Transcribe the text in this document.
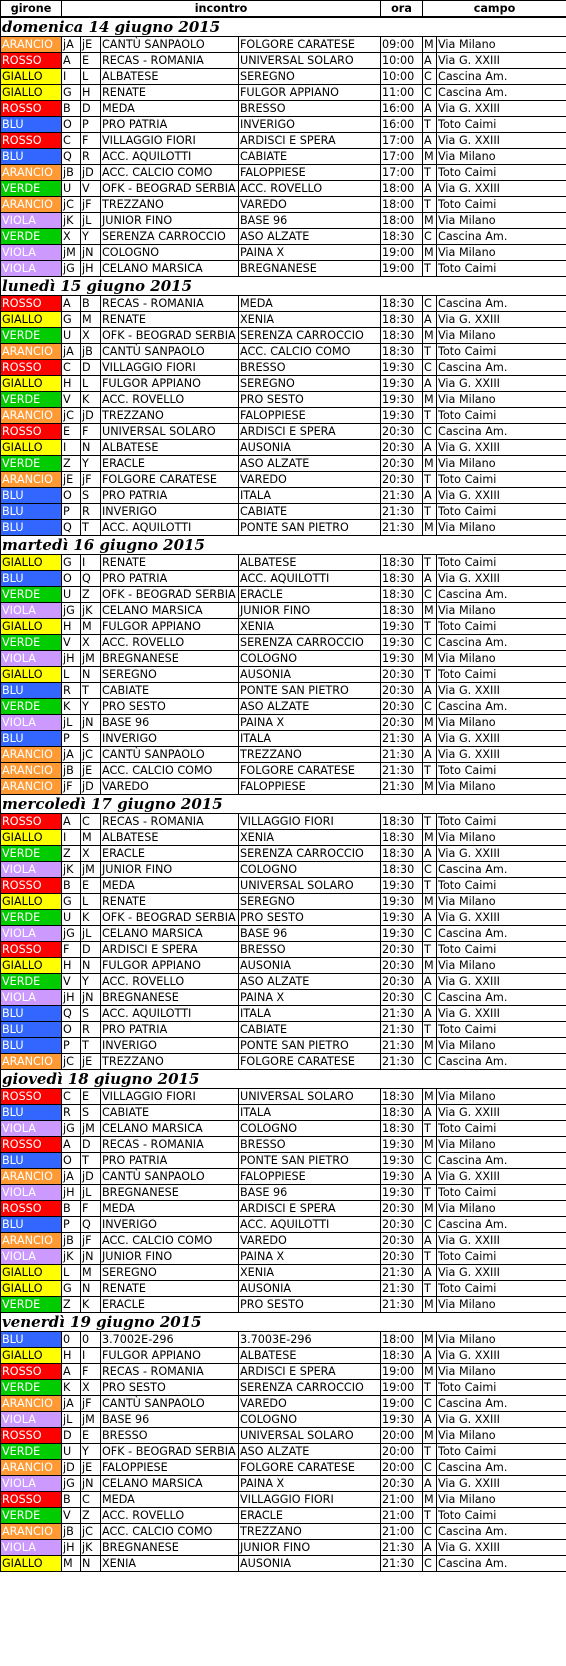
girone	incontro				ora	campo	
domenica 14 giugno 2015							
ARANCIO	jA	jE	CANTÙ SANPAOLO	FOLGORE CARATESE	09:00	M	Via Milano
ROSSO	A	E	RECAS - ROMANIA	UNIVERSAL SOLARO	10:00	A	Via G. XXIII
GIALLO	I	L	ALBATESE	SEREGNO	10:00	C	Cascina Am.
GIALLO	G	H	RENATE	FULGOR APPIANO	11:00	C	Cascina Am.
ROSSO	B	D	MEDA	BRESSO	16:00	A	Via G. XXIII
BLU	O	P	PRO PATRIA	INVERIGO	16:00	T	Toto Caimi
ROSSO	C	F	VILLAGGIO FIORI	ARDISCI E SPERA	17:00	A	Via G. XXIII
BLU	Q	R	ACC. AQUILOTTI	CABIATE	17:00	M	Via Milano
ARANCIO	jB	jD	ACC. CALCIO COMO	FALOPPIESE	17:00	T	Toto Caimi
VERDE	U	V	OFK - BEOGRAD SERBIA	ACC. ROVELLO	18:00	A	Via G. XXIII
ARANCIO	jC	jF	TREZZANO	VAREDO	18:00	T	Toto Caimi
VIOLA	jK	jL	JUNIOR FINO	BASE 96	18:00	M	Via Milano
VERDE	X	Y	SERENZA CARROCCIO	ASO ALZATE	18:30	C	Cascina Am.
VIOLA	jM	jN	COLOGNO	PAINA X	19:00	M	Via Milano
VIOLA	jG	jH	CELANO MARSICA	BREGNANESE	19:00	T	Toto Caimi
lunedì 15 giugno 2015							
ROSSO	A	B	RECAS - ROMANIA	MEDA	18:30	C	Cascina Am.
GIALLO	G	M	RENATE	XENIA	18:30	A	Via G. XXIII
VERDE	U	X	OFK - BEOGRAD SERBIA	SERENZA CARROCCIO	18:30	M	Via Milano
ARANCIO	jA	jB	CANTÙ SANPAOLO	ACC. CALCIO COMO	18:30	T	Toto Caimi
ROSSO	C	D	VILLAGGIO FIORI	BRESSO	19:30	C	Cascina Am.
GIALLO	H	L	FULGOR APPIANO	SEREGNO	19:30	A	Via G. XXIII
VERDE	V	K	ACC. ROVELLO	PRO SESTO	19:30	M	Via Milano
ARANCIO	jC	jD	TREZZANO	FALOPPIESE	19:30	T	Toto Caimi
ROSSO	E	F	UNIVERSAL SOLARO	ARDISCI E SPERA	20:30	C	Cascina Am.
GIALLO	I	N	ALBATESE	AUSONIA	20:30	A	Via G. XXIII
VERDE	Z	Y	ERACLE	ASO ALZATE	20:30	M	Via Milano
ARANCIO	jE	jF	FOLGORE CARATESE	VAREDO	20:30	T	Toto Caimi
BLU	O	S	PRO PATRIA	ITALA	21:30	A	Via G. XXIII
BLU	P	R	INVERIGO	CABIATE	21:30	T	Toto Caimi
BLU	Q	T	ACC. AQUILOTTI	PONTE SAN PIETRO	21:30	M	Via Milano
martedì 16 giugno 2015							
GIALLO	G	I	RENATE	ALBATESE	18:30	T	Toto Caimi
BLU	O	Q	PRO PATRIA	ACC. AQUILOTTI	18:30	A	Via G. XXIII
VERDE	U	Z	OFK - BEOGRAD SERBIA	ERACLE	18:30	C	Cascina Am.
VIOLA	jG	jK	CELANO MARSICA	JUNIOR FINO	18:30	M	Via Milano
GIALLO	H	M	FULGOR APPIANO	XENIA	19:30	T	Toto Caimi
VERDE	V	X	ACC. ROVELLO	SERENZA CARROCCIO	19:30	C	Cascina Am.
VIOLA	jH	jM	BREGNANESE	COLOGNO	19:30	M	Via Milano
GIALLO	L	N	SEREGNO	AUSONIA	20:30	T	Toto Caimi
BLU	R	T	CABIATE	PONTE SAN PIETRO	20:30	A	Via G. XXIII
VERDE	K	Y	PRO SESTO	ASO ALZATE	20:30	C	Cascina Am.
VIOLA	jL	jN	BASE 96	PAINA X	20:30	M	Via Milano
BLU	P	S	INVERIGO	ITALA	21:30	A	Via G. XXIII
ARANCIO	jA	jC	CANTÙ SANPAOLO	TREZZANO	21:30	A	Via G. XXIII
ARANCIO	jB	jE	ACC. CALCIO COMO	FOLGORE CARATESE	21:30	T	Toto Caimi
ARANCIO	jF	jD	VAREDO	FALOPPIESE	21:30	M	Via Milano
mercoledì 17 giugno 2015							
ROSSO	A	C	RECAS - ROMANIA	VILLAGGIO FIORI	18:30	T	Toto Caimi
GIALLO	I	M	ALBATESE	XENIA	18:30	M	Via Milano
VERDE	Z	X	ERACLE	SERENZA CARROCCIO	18:30	A	Via G. XXIII
VIOLA	jK	jM	JUNIOR FINO	COLOGNO	18:30	C	Cascina Am.
ROSSO	B	E	MEDA	UNIVERSAL SOLARO	19:30	T	Toto Caimi
GIALLO	G	L	RENATE	SEREGNO	19:30	M	Via Milano
VERDE	U	K	OFK - BEOGRAD SERBIA	PRO SESTO	19:30	A	Via G. XXIII
VIOLA	jG	jL	CELANO MARSICA	BASE 96	19:30	C	Cascina Am.
ROSSO	F	D	ARDISCI E SPERA	BRESSO	20:30	T	Toto Caimi
GIALLO	H	N	FULGOR APPIANO	AUSONIA	20:30	M	Via Milano
VERDE	V	Y	ACC. ROVELLO	ASO ALZATE	20:30	A	Via G. XXIII
VIOLA	jH	jN	BREGNANESE	PAINA X	20:30	C	Cascina Am.
BLU	Q	S	ACC. AQUILOTTI	ITALA	21:30	A	Via G. XXIII
BLU	O	R	PRO PATRIA	CABIATE	21:30	T	Toto Caimi
BLU	P	T	INVERIGO	PONTE SAN PIETRO	21:30	M	Via Milano
ARANCIO	jC	jE	TREZZANO	FOLGORE CARATESE	21:30	C	Cascina Am.
giovedì 18 giugno 2015							
ROSSO	C	E	VILLAGGIO FIORI	UNIVERSAL SOLARO	18:30	M	Via Milano
BLU	R	S	CABIATE	ITALA	18:30	A	Via G. XXIII
VIOLA	jG	jM	CELANO MARSICA	COLOGNO	18:30	T	Toto Caimi
ROSSO	A	D	RECAS - ROMANIA	BRESSO	19:30	M	Via Milano
BLU	O	T	PRO PATRIA	PONTE SAN PIETRO	19:30	C	Cascina Am.
ARANCIO	jA	jD	CANTÙ SANPAOLO	FALOPPIESE	19:30	A	Via G. XXIII
VIOLA	jH	jL	BREGNANESE	BASE 96	19:30	T	Toto Caimi
ROSSO	B	F	MEDA	ARDISCI E SPERA	20:30	M	Via Milano
BLU	P	Q	INVERIGO	ACC. AQUILOTTI	20:30	C	Cascina Am.
ARANCIO	jB	jF	ACC. CALCIO COMO	VAREDO	20:30	A	Via G. XXIII
VIOLA	jK	jN	JUNIOR FINO	PAINA X	20:30	T	Toto Caimi
GIALLO	L	M	SEREGNO	XENIA	21:30	A	Via G. XXIII
GIALLO	G	N	RENATE	AUSONIA	21:30	T	Toto Caimi
VERDE	Z	K	ERACLE	PRO SESTO	21:30	M	Via Milano
venerdì 19 giugno 2015							
BLU	0	0	3.7002E-296	3.7003E-296	18:00	M	Via Milano
GIALLO	H	I	FULGOR APPIANO	ALBATESE	18:30	A	Via G. XXIII
ROSSO	A	F	RECAS - ROMANIA	ARDISCI E SPERA	19:00	M	Via Milano
VERDE	K	X	PRO SESTO	SERENZA CARROCCIO	19:00	T	Toto Caimi
ARANCIO	jA	jF	CANTÙ SANPAOLO	VAREDO	19:00	C	Cascina Am.
VIOLA	jL	jM	BASE 96	COLOGNO	19:30	A	Via G. XXIII
ROSSO	D	E	BRESSO	UNIVERSAL SOLARO	20:00	M	Via Milano
VERDE	U	Y	OFK - BEOGRAD SERBIA	ASO ALZATE	20:00	T	Toto Caimi
ARANCIO	jD	jE	FALOPPIESE	FOLGORE CARATESE	20:00	C	Cascina Am.
VIOLA	jG	jN	CELANO MARSICA	PAINA X	20:30	A	Via G. XXIII
ROSSO	B	C	MEDA	VILLAGGIO FIORI	21:00	M	Via Milano
VERDE	V	Z	ACC. ROVELLO	ERACLE	21:00	T	Toto Caimi
ARANCIO	jB	jC	ACC. CALCIO COMO	TREZZANO	21:00	C	Cascina Am.
VIOLA	jH	jK	BREGNANESE	JUNIOR FINO	21:30	A	Via G. XXIII
GIALLO	M	N	XENIA	AUSONIA	21:30	C	Cascina Am.
